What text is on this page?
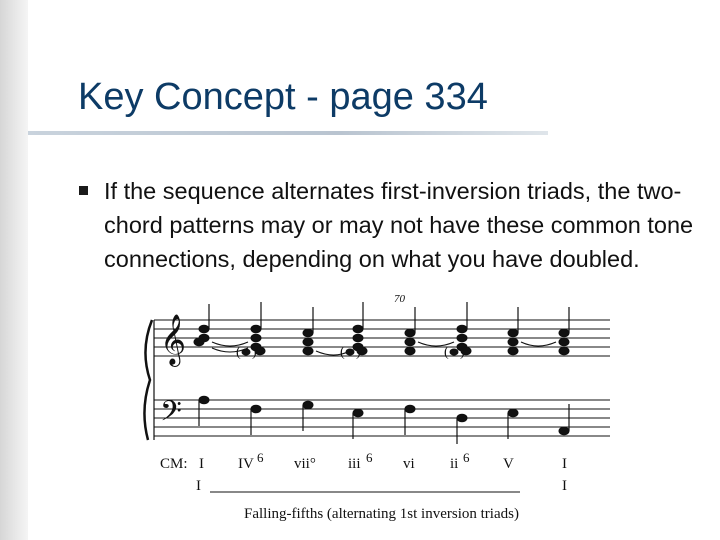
Key Concept - page 334
If the sequence alternates first-inversion triads, the two-chord patterns may or may not have these common tone connections, depending on what you have doubled.
𝄞
𝄢
70
( )	( )	( )
CM: I IV 6 vii° iii 6 vi ii 6 V	I
I	I
Falling-fifths (alternating 1st inversion triads)
